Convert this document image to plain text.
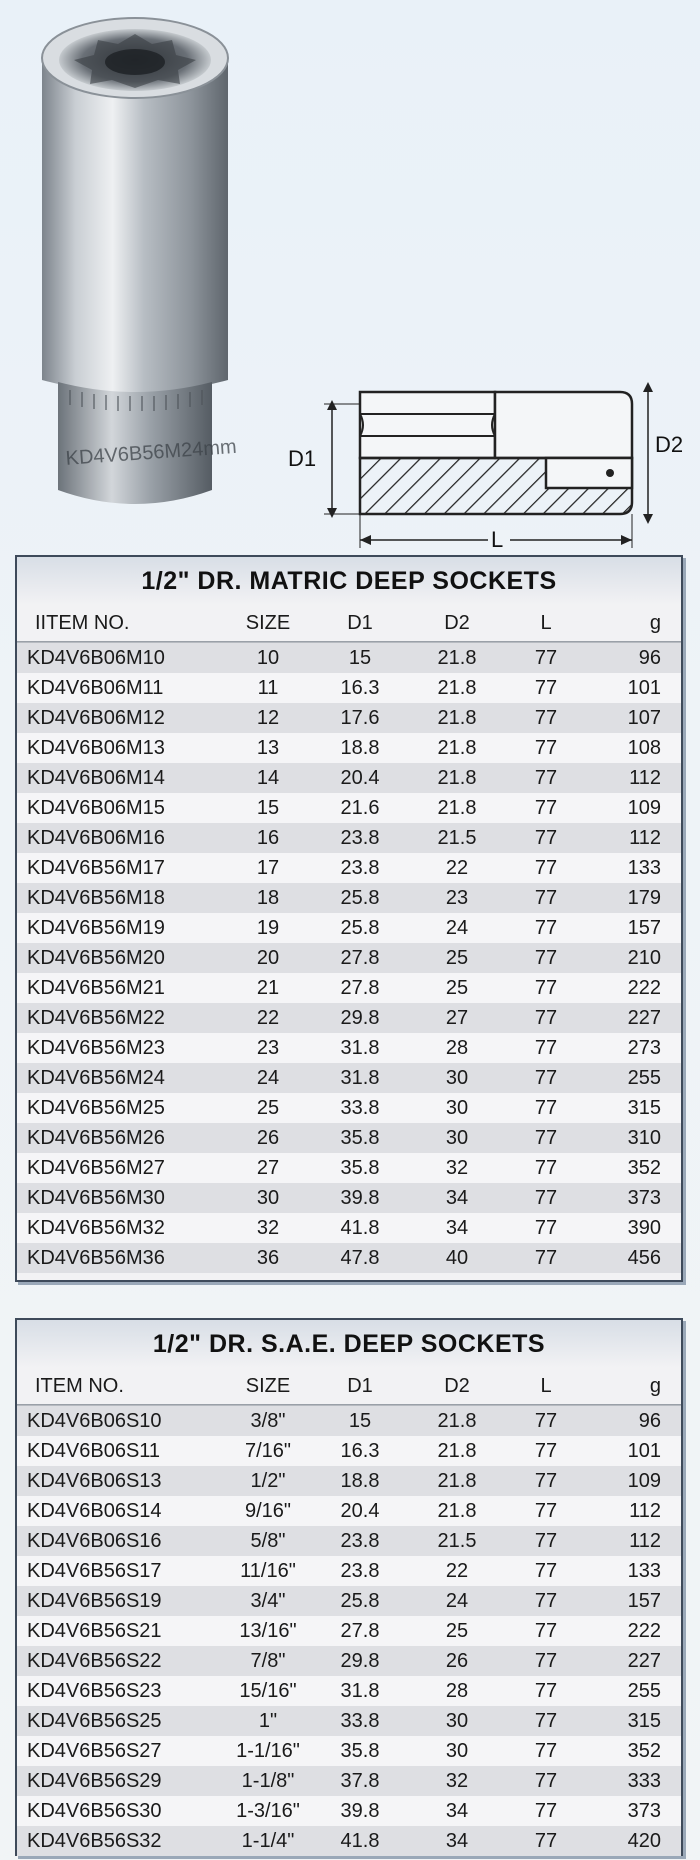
KD4V6B56M24mm D1
D2
L
1/2" DR. MATRIC DEEP SOCKETS
IITEM NO.	SIZE	D1	D2	L	g
KD4V6B06M10	10	15	21.8	77	96
KD4V6B06M11	11	16.3	21.8	77	101
KD4V6B06M12	12	17.6	21.8	77	107
KD4V6B06M13	13	18.8	21.8	77	108
KD4V6B06M14	14	20.4	21.8	77	112
KD4V6B06M15	15	21.6	21.8	77	109
KD4V6B06M16	16	23.8	21.5	77	112
KD4V6B56M17	17	23.8	22	77	133
KD4V6B56M18	18	25.8	23	77	179
KD4V6B56M19	19	25.8	24	77	157
KD4V6B56M20	20	27.8	25	77	210
KD4V6B56M21	21	27.8	25	77	222
KD4V6B56M22	22	29.8	27	77	227
KD4V6B56M23	23	31.8	28	77	273
KD4V6B56M24	24	31.8	30	77	255
KD4V6B56M25	25	33.8	30	77	315
KD4V6B56M26	26	35.8	30	77	310
KD4V6B56M27	27	35.8	32	77	352
KD4V6B56M30	30	39.8	34	77	373
KD4V6B56M32	32	41.8	34	77	390
KD4V6B56M36	36	47.8	40	77	456
1/2" DR. S.A.E. DEEP SOCKETS
ITEM NO.	SIZE	D1	D2	L	g
KD4V6B06S10	3/8"	15	21.8	77	96
KD4V6B06S11	7/16"	16.3	21.8	77	101
KD4V6B06S13	1/2"	18.8	21.8	77	109
KD4V6B06S14	9/16"	20.4	21.8	77	112
KD4V6B06S16	5/8"	23.8	21.5	77	112
KD4V6B56S17	11/16"	23.8	22	77	133
KD4V6B56S19	3/4"	25.8	24	77	157
KD4V6B56S21	13/16"	27.8	25	77	222
KD4V6B56S22	7/8"	29.8	26	77	227
KD4V6B56S23	15/16"	31.8	28	77	255
KD4V6B56S25	1"	33.8	30	77	315
KD4V6B56S27	1-1/16"	35.8	30	77	352
KD4V6B56S29	1-1/8"	37.8	32	77	333
KD4V6B56S30	1-3/16"	39.8	34	77	373
KD4V6B56S32	1-1/4"	41.8	34	77	420
